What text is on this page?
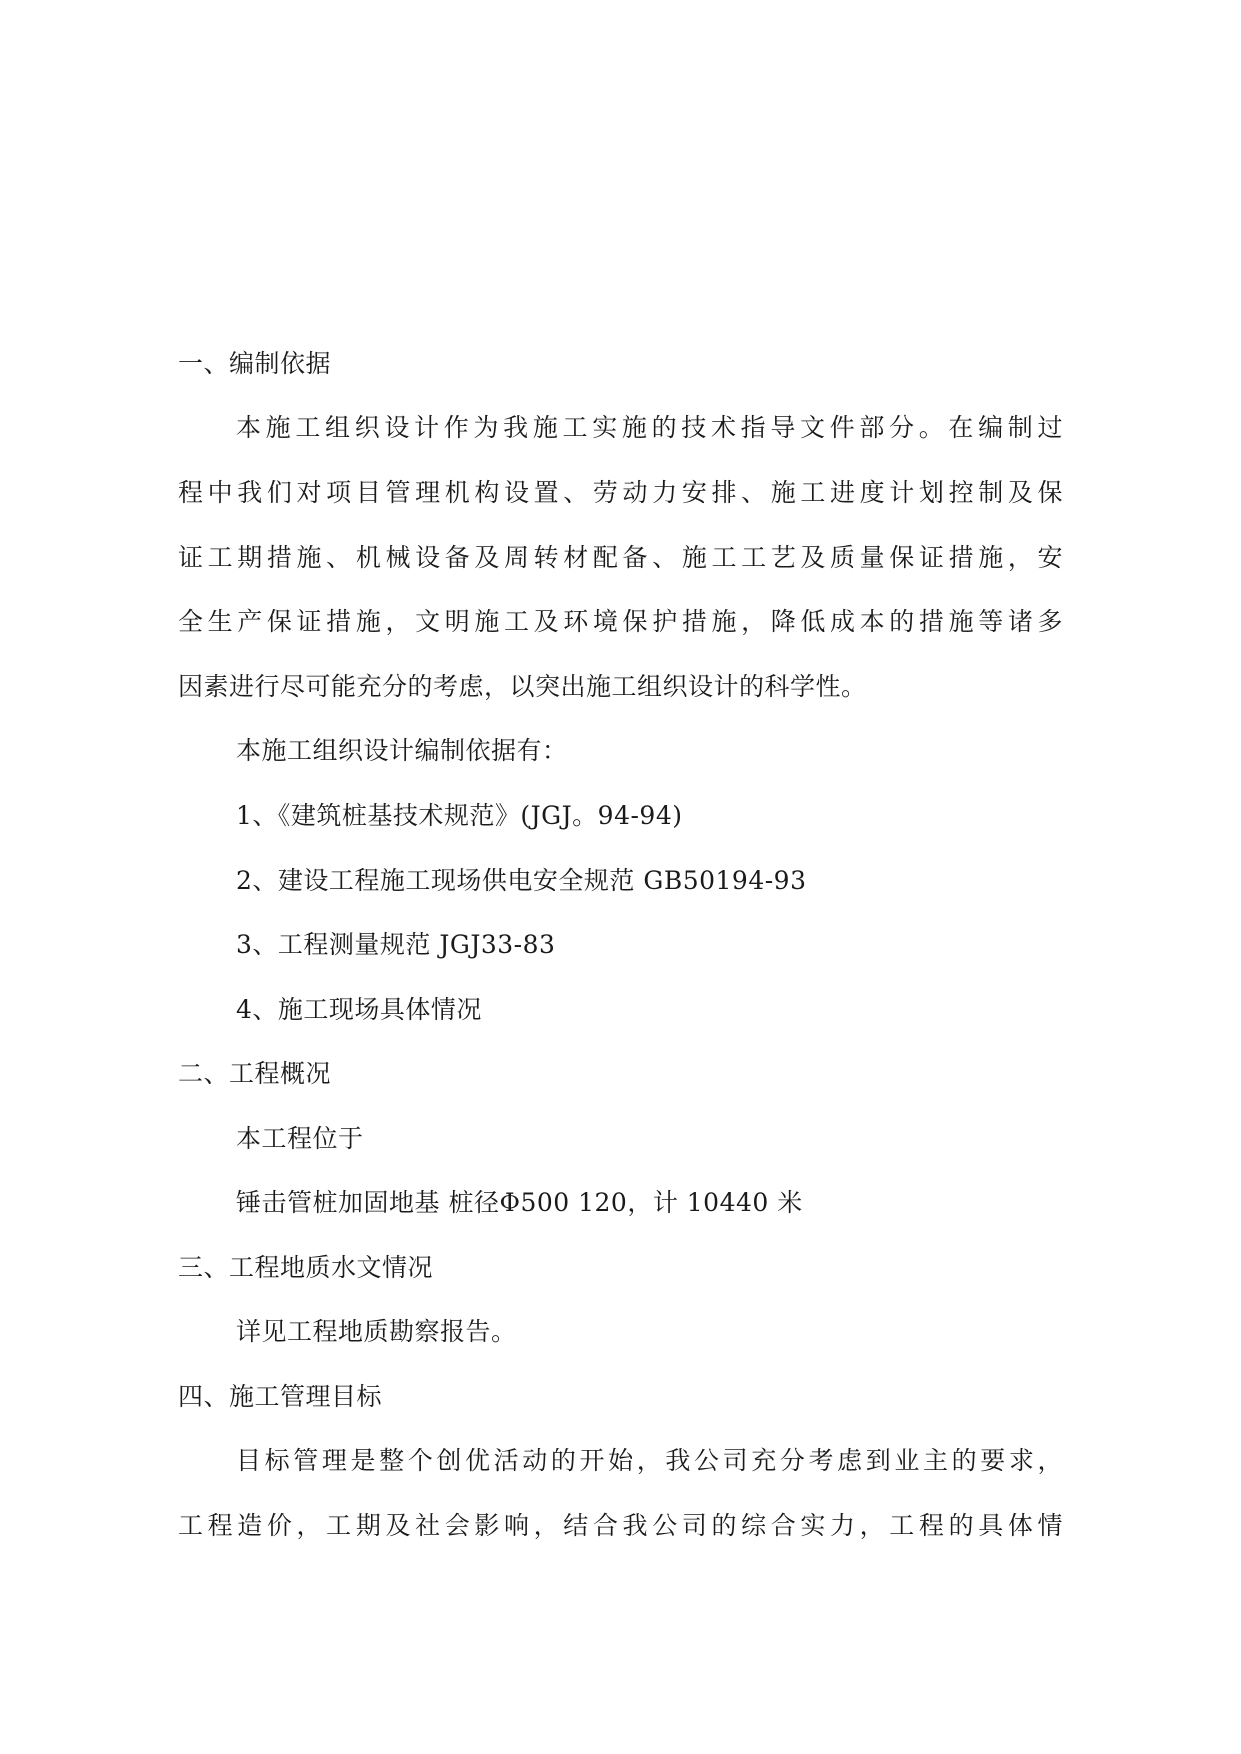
一、编制依据
本施工组织设计作为我施工实施的技术指导文件部分。在编制过
程中我们对项目管理机构设置、劳动力安排、施工进度计划控制及保
证工期措施、机械设备及周转材配备、施工工艺及质量保证措施，安
全生产保证措施，文明施工及环境保护措施，降低成本的措施等诸多
因素进行尽可能充分的考虑，以突出施工组织设计的科学性。
本施工组织设计编制依据有：
1、《建筑桩基技术规范》(JGJ。94-94)
2、建设工程施工现场供电安全规范 GB50194-93
3、工程测量规范 JGJ33-83
4、施工现场具体情况
二、工程概况
本工程位于
锤击管桩加固地基 桩径Φ500 120，计 10440 米
三、工程地质水文情况
详见工程地质勘察报告。
四、施工管理目标
目标管理是整个创优活动的开始，我公司充分考虑到业主的要求，
工程造价，工期及社会影响，结合我公司的综合实力，工程的具体情
